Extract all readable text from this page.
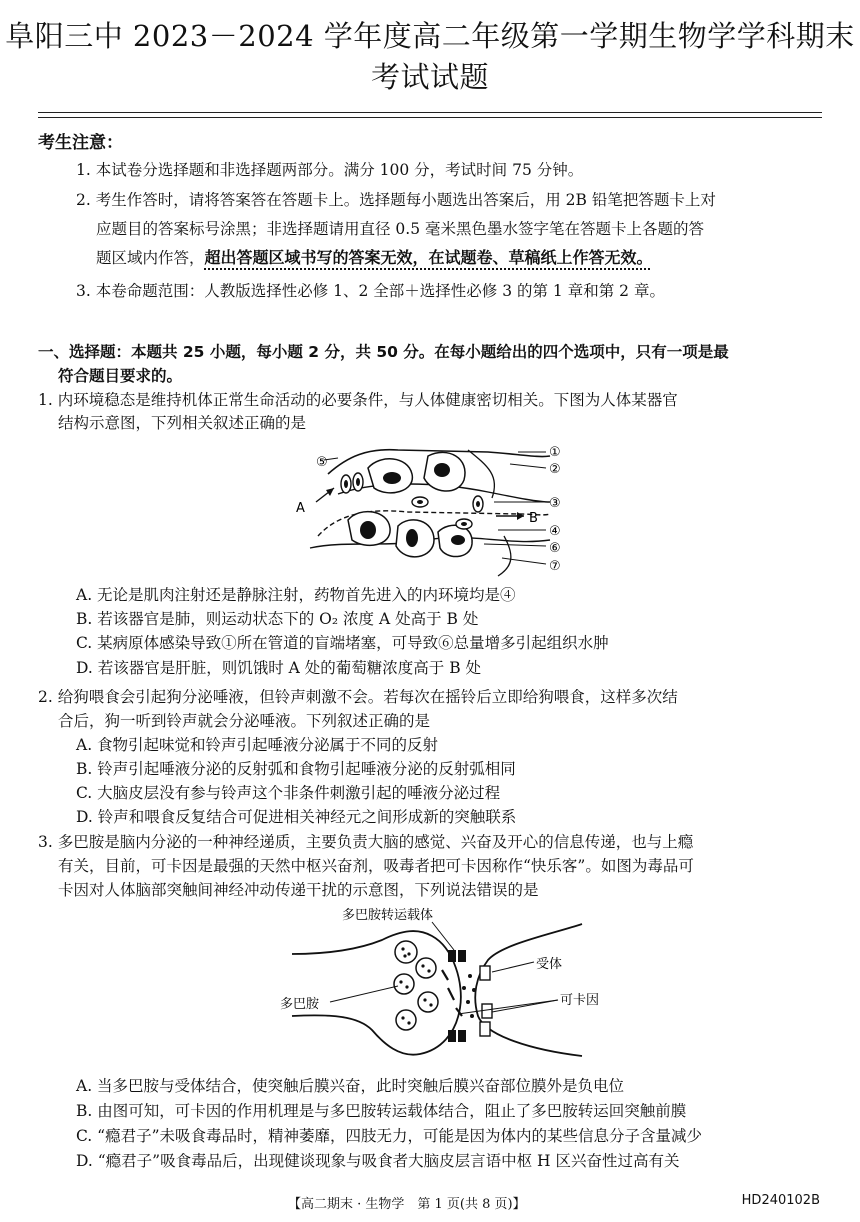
阜阳三中 2023－2024 学年度高二年级第一学期生物学学科期末考试试题
考生注意：
1. 本试卷分选择题和非选择题两部分。满分 100 分，考试时间 75 分钟。
2. 考生作答时，请将答案答在答题卡上。选择题每小题选出答案后，用 2B 铅笔把答题卡上对
应题目的答案标号涂黑；非选择题请用直径 0.5 毫米黑色墨水签字笔在答题卡上各题的答
题区域内作答，超出答题区域书写的答案无效，在试题卷、草稿纸上作答无效。
3. 本卷命题范围：人教版选择性必修 1、2 全部＋选择性必修 3 的第 1 章和第 2 章。
一、选择题：本题共 25 小题，每小题 2 分，共 50 分。在每小题给出的四个选项中，只有一项是最
符合题目要求的。
1. 内环境稳态是维持机体正常生命活动的必要条件，与人体健康密切相关。下图为人体某器官
结构示意图，下列相关叙述正确的是
⑤
①
②
③
④
⑥
⑦
A
B
A. 无论是肌肉注射还是静脉注射，药物首先进入的内环境均是④
B. 若该器官是肺，则运动状态下的 O₂ 浓度 A 处高于 B 处
C. 某病原体感染导致①所在管道的盲端堵塞，可导致⑥总量增多引起组织水肿
D. 若该器官是肝脏，则饥饿时 A 处的葡萄糖浓度高于 B 处
2. 给狗喂食会引起狗分泌唾液，但铃声刺激不会。若每次在摇铃后立即给狗喂食，这样多次结
合后，狗一听到铃声就会分泌唾液。下列叙述正确的是
A. 食物引起味觉和铃声引起唾液分泌属于不同的反射
B. 铃声引起唾液分泌的反射弧和食物引起唾液分泌的反射弧相同
C. 大脑皮层没有参与铃声这个非条件刺激引起的唾液分泌过程
D. 铃声和喂食反复结合可促进相关神经元之间形成新的突触联系
3. 多巴胺是脑内分泌的一种神经递质，主要负责大脑的感觉、兴奋及开心的信息传递，也与上瘾
有关，目前，可卡因是最强的天然中枢兴奋剂，吸毒者把可卡因称作“快乐客”。如图为毒品可
卡因对人体脑部突触间神经冲动传递干扰的示意图，下列说法错误的是
多巴胺转运载体
受体
多巴胺	可卡因
A. 当多巴胺与受体结合，使突触后膜兴奋，此时突触后膜兴奋部位膜外是负电位
B. 由图可知，可卡因的作用机理是与多巴胺转运载体结合，阻止了多巴胺转运回突触前膜
C. “瘾君子”未吸食毒品时，精神萎靡，四肢无力，可能是因为体内的某些信息分子含量减少
D. “瘾君子”吸食毒品后，出现健谈现象与吸食者大脑皮层言语中枢 H 区兴奋性过高有关
【高二期末 · 生物学　第 1 页(共 8 页)】	HD240102B
